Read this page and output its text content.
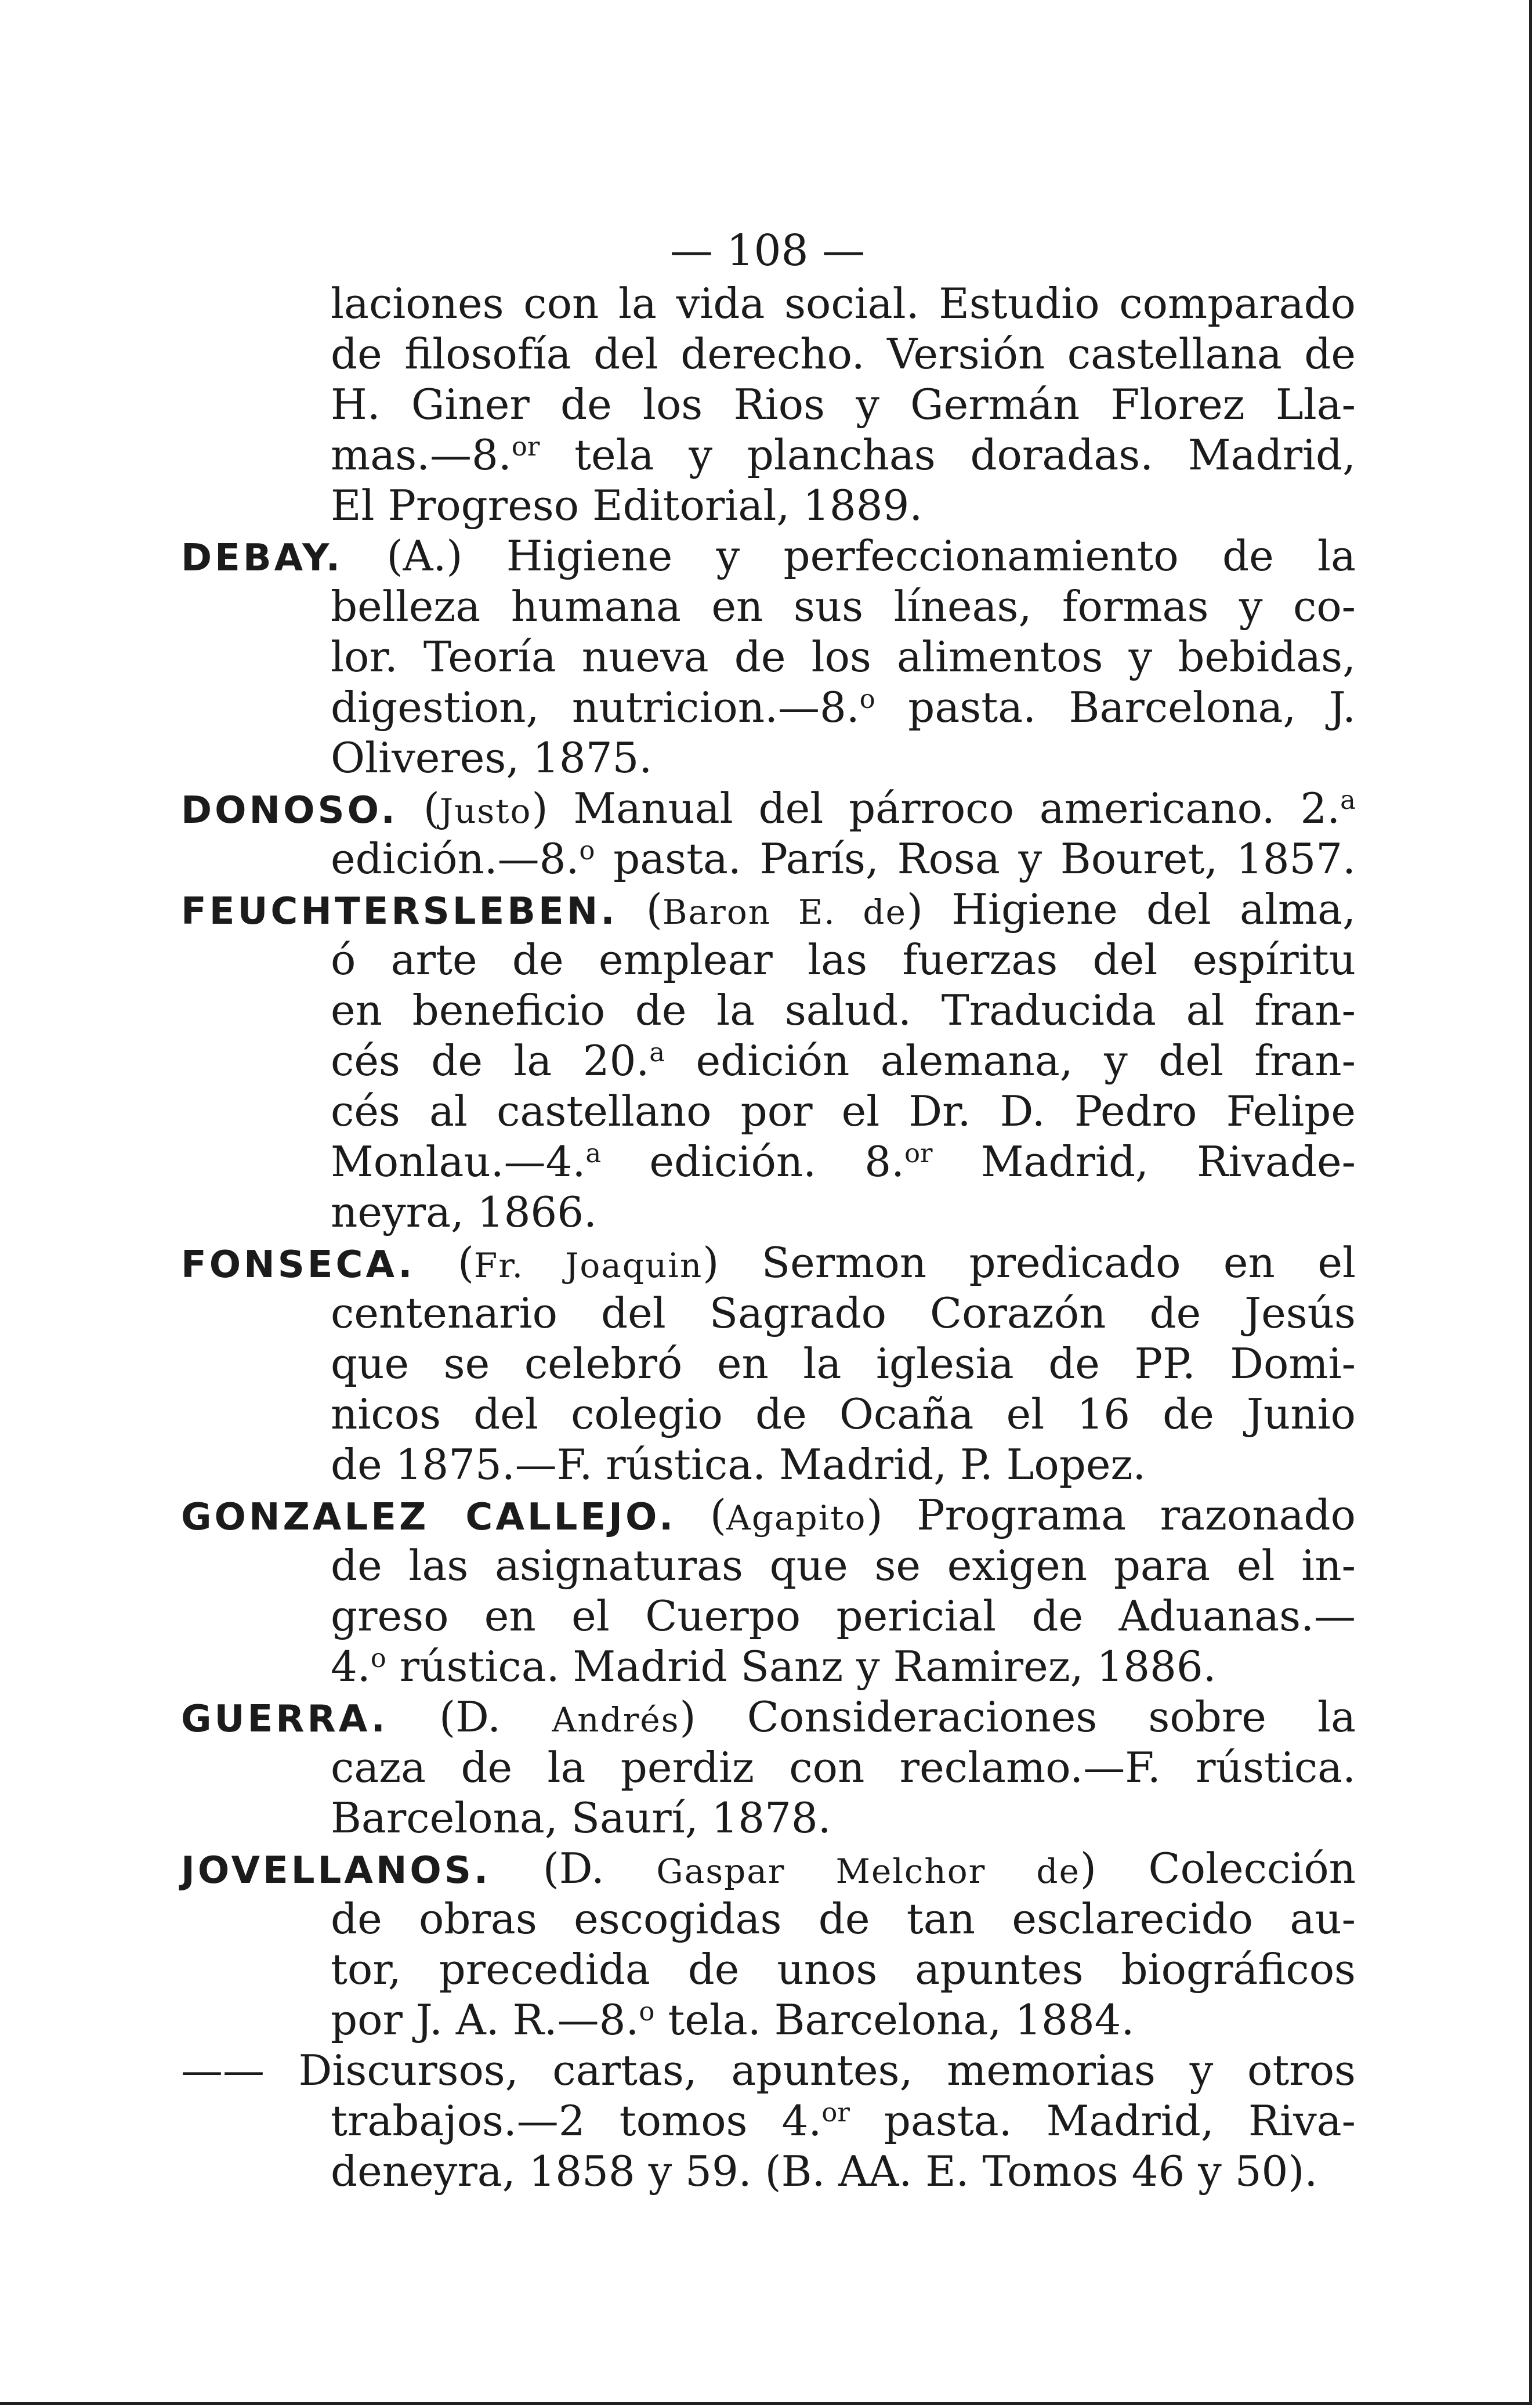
— 108 —
laciones con la vida social. Estudio comparado
de filosofía del derecho. Versión castellana de
H. Giner de los Rios y Germán Florez Lla-
mas.—8.$^{or}$ tela y planchas doradas. Madrid,
El Progreso Editorial, 1889.
DEBAY. (A.) Higiene y perfeccionamiento de la
belleza humana en sus líneas, formas y co-
lor. Teoría nueva de los alimentos y bebidas,
digestion, nutricion.—8.$^o$ pasta. Barcelona, J.
Oliveres, 1875.
DONOSO. (Justo) Manual del párroco americano. 2.$^a$
edición.—8.$^o$ pasta. París, Rosa y Bouret, 1857.
FEUCHTERSLEBEN. (Baron E. de) Higiene del alma,
ó arte de emplear las fuerzas del espíritu
en beneficio de la salud. Traducida al fran-
cés de la 20.$^a$ edición alemana, y del fran-
cés al castellano por el Dr. D. Pedro Felipe
Monlau.—4.$^a$ edición. 8.$^{or}$ Madrid, Rivade-
neyra, 1866.
FONSECA. (Fr. Joaquin) Sermon predicado en el
centenario del Sagrado Corazón de Jesús
que se celebró en la iglesia de PP. Domi-
nicos del colegio de Ocaña el 16 de Junio
de 1875.—F. rústica. Madrid, P. Lopez.
GONZALEZ CALLEJO. (Agapito) Programa razonado
de las asignaturas que se exigen para el in-
greso en el Cuerpo pericial de Aduanas.—
4.$^o$ rústica. Madrid Sanz y Ramirez, 1886.
GUERRA. (D. Andrés) Consideraciones sobre la
caza de la perdiz con reclamo.—F. rústica.
Barcelona, Saurí, 1878.
JOVELLANOS. (D. Gaspar Melchor de) Colección
de obras escogidas de tan esclarecido au-
tor, precedida de unos apuntes biográficos
por J. A. R.—8.$^o$ tela. Barcelona, 1884.
—— Discursos, cartas, apuntes, memorias y otros
trabajos.—2 tomos 4.$^{or}$ pasta. Madrid, Riva-
deneyra, 1858 y 59. (B. AA. E. Tomos 46 y 50).
